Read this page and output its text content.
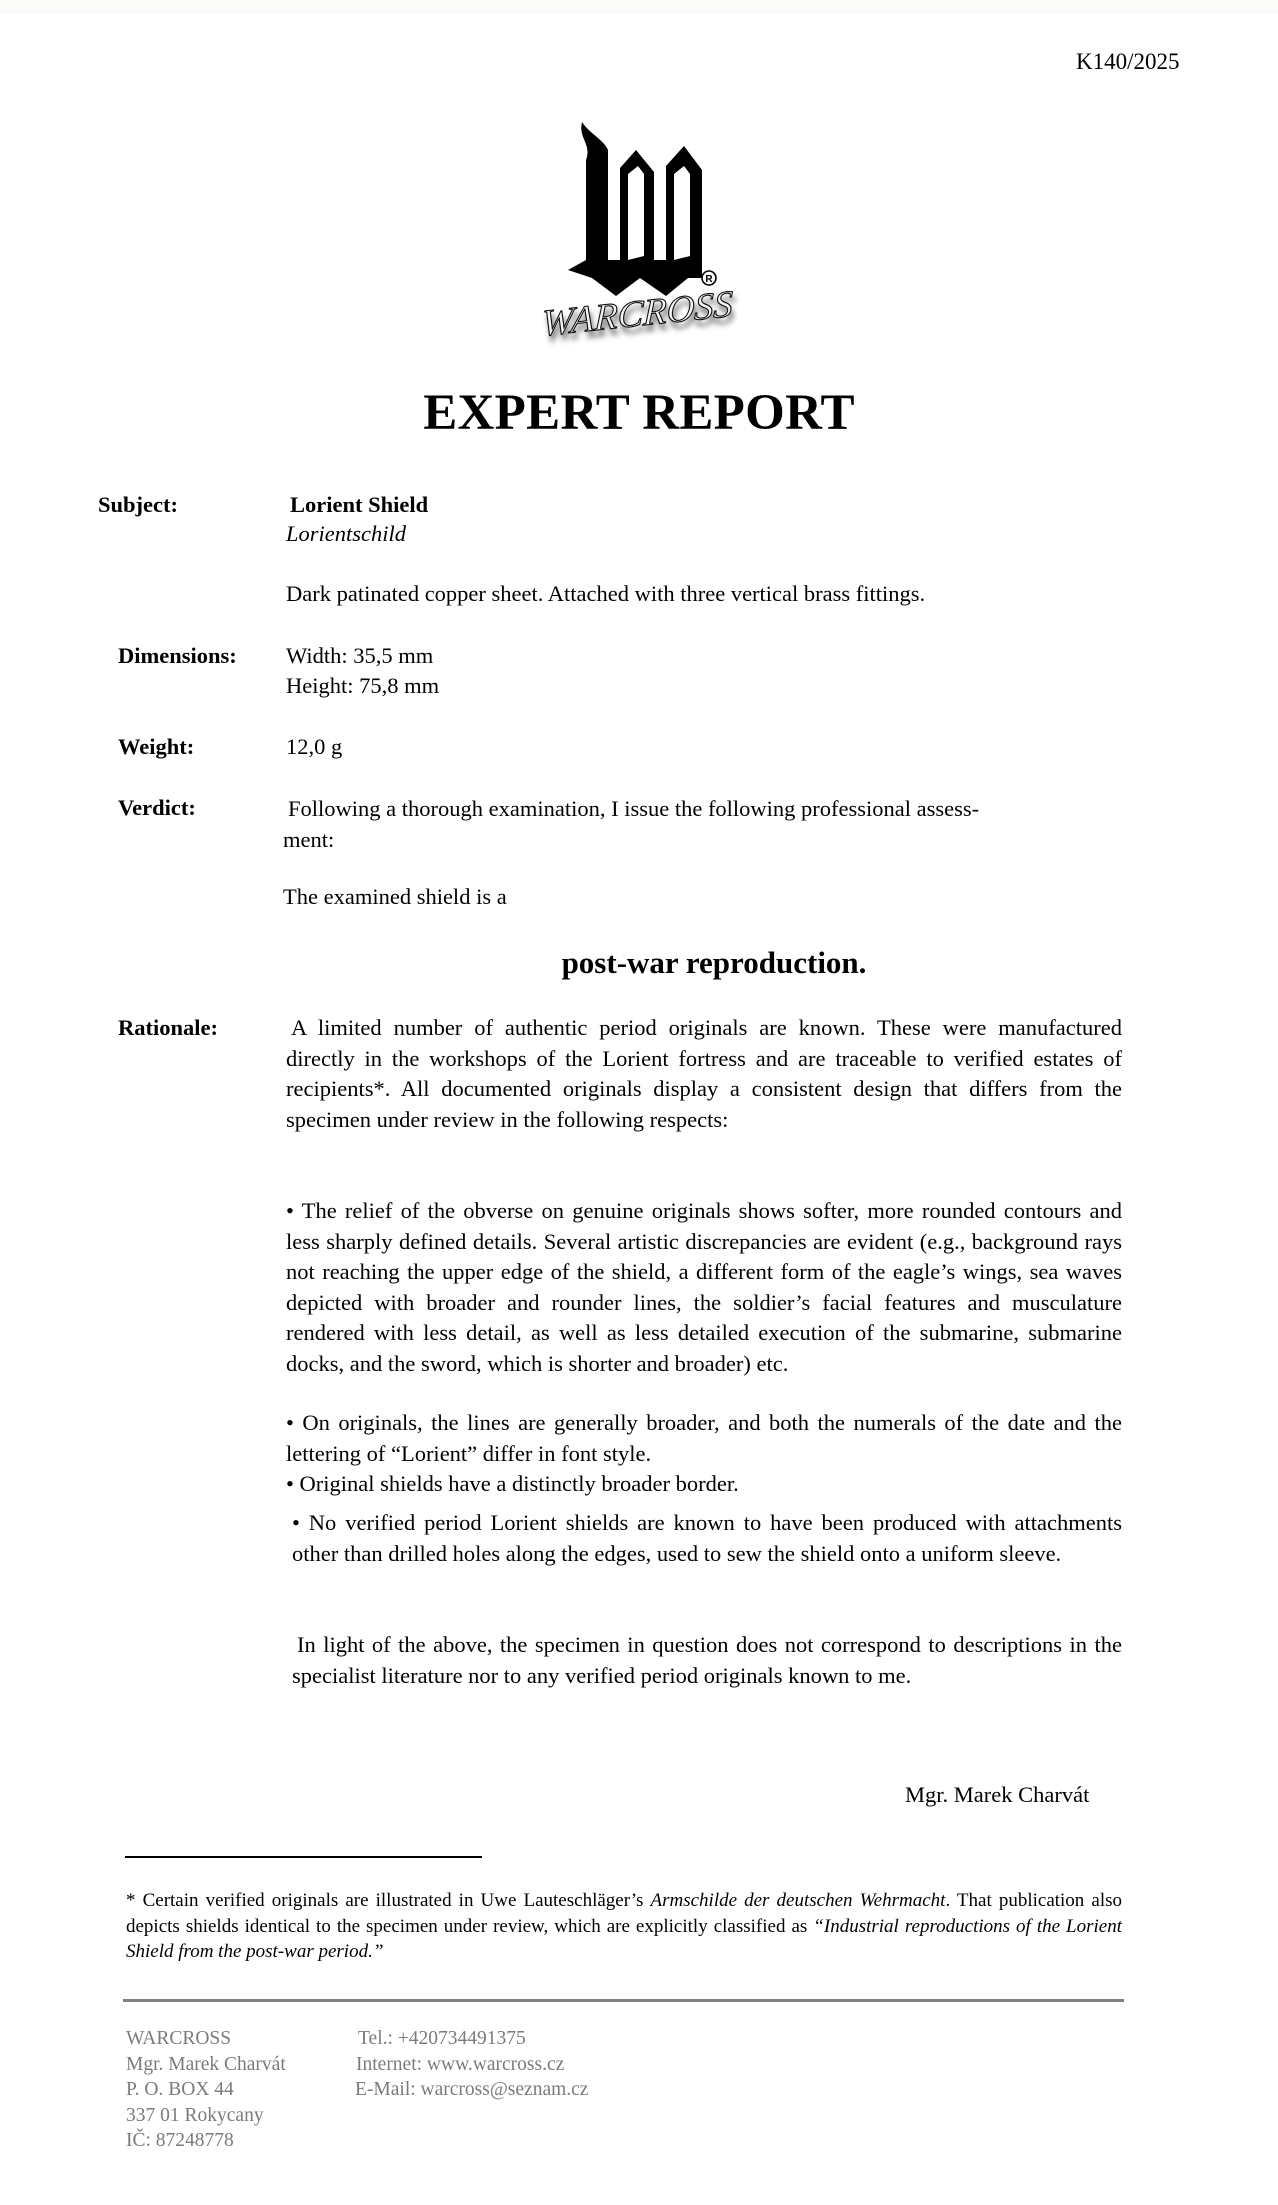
K140/2025
R
WARCROSS
EXPERT REPORT
Subject:	Lorient Shield
Lorientschild
Dark patinated copper sheet. Attached with three vertical brass fittings.
Dimensions: Width: 35,5 mm
Height: 75,8 mm
Weight:	12,0 g
Verdict:	Following a thorough examination, I issue the following professional assess-
ment:
The examined shield is a
post-war reproduction.
Rationale:	A limited number of authentic period originals are known. These were manufactured directly in the workshops of the Lorient fortress and are traceable to verified estates of recipients*. All documented originals display a consistent design that differs from the specimen under review in the following respects:

• The relief of the obverse on genuine originals shows softer, more rounded contours and less sharply defined details. Several artistic discrepancies are evident (e.g., background rays not reaching the upper edge of the shield, a different form of the eagle’s wings, sea waves depicted with broader and rounder lines, the soldier’s facial features and musculature rendered with less detail, as well as less detailed execution of the submarine, submarine docks, and the sword, which is shorter and broader) etc.

• On originals, the lines are generally broader, and both the numerals of the date and the lettering of “Lorient” differ in font style.

• Original shields have a distinctly broader border.

• No verified period Lorient shields are known to have been produced with attachments other than drilled holes along the edges, used to sew the shield onto a uniform sleeve.

In light of the above, the specimen in question does not correspond to descriptions in the specialist literature nor to any verified period originals known to me.

Mgr. Marek Charvát
* Certain verified originals are illustrated in Uwe Lauteschläger’s Armschilde der deutschen Wehrmacht. That publication also depicts shields identical to the specimen under review, which are explicitly classified as “Industrial reproductions of the Lorient Shield from the post-war period.”
WARCROSS
Mgr. Marek Charvát
P. O. BOX 44
337 01 Rokycany
IČ: 87248778
Tel.: +420734491375
Internet: www.warcross.cz
E-Mail: warcross@seznam.cz
